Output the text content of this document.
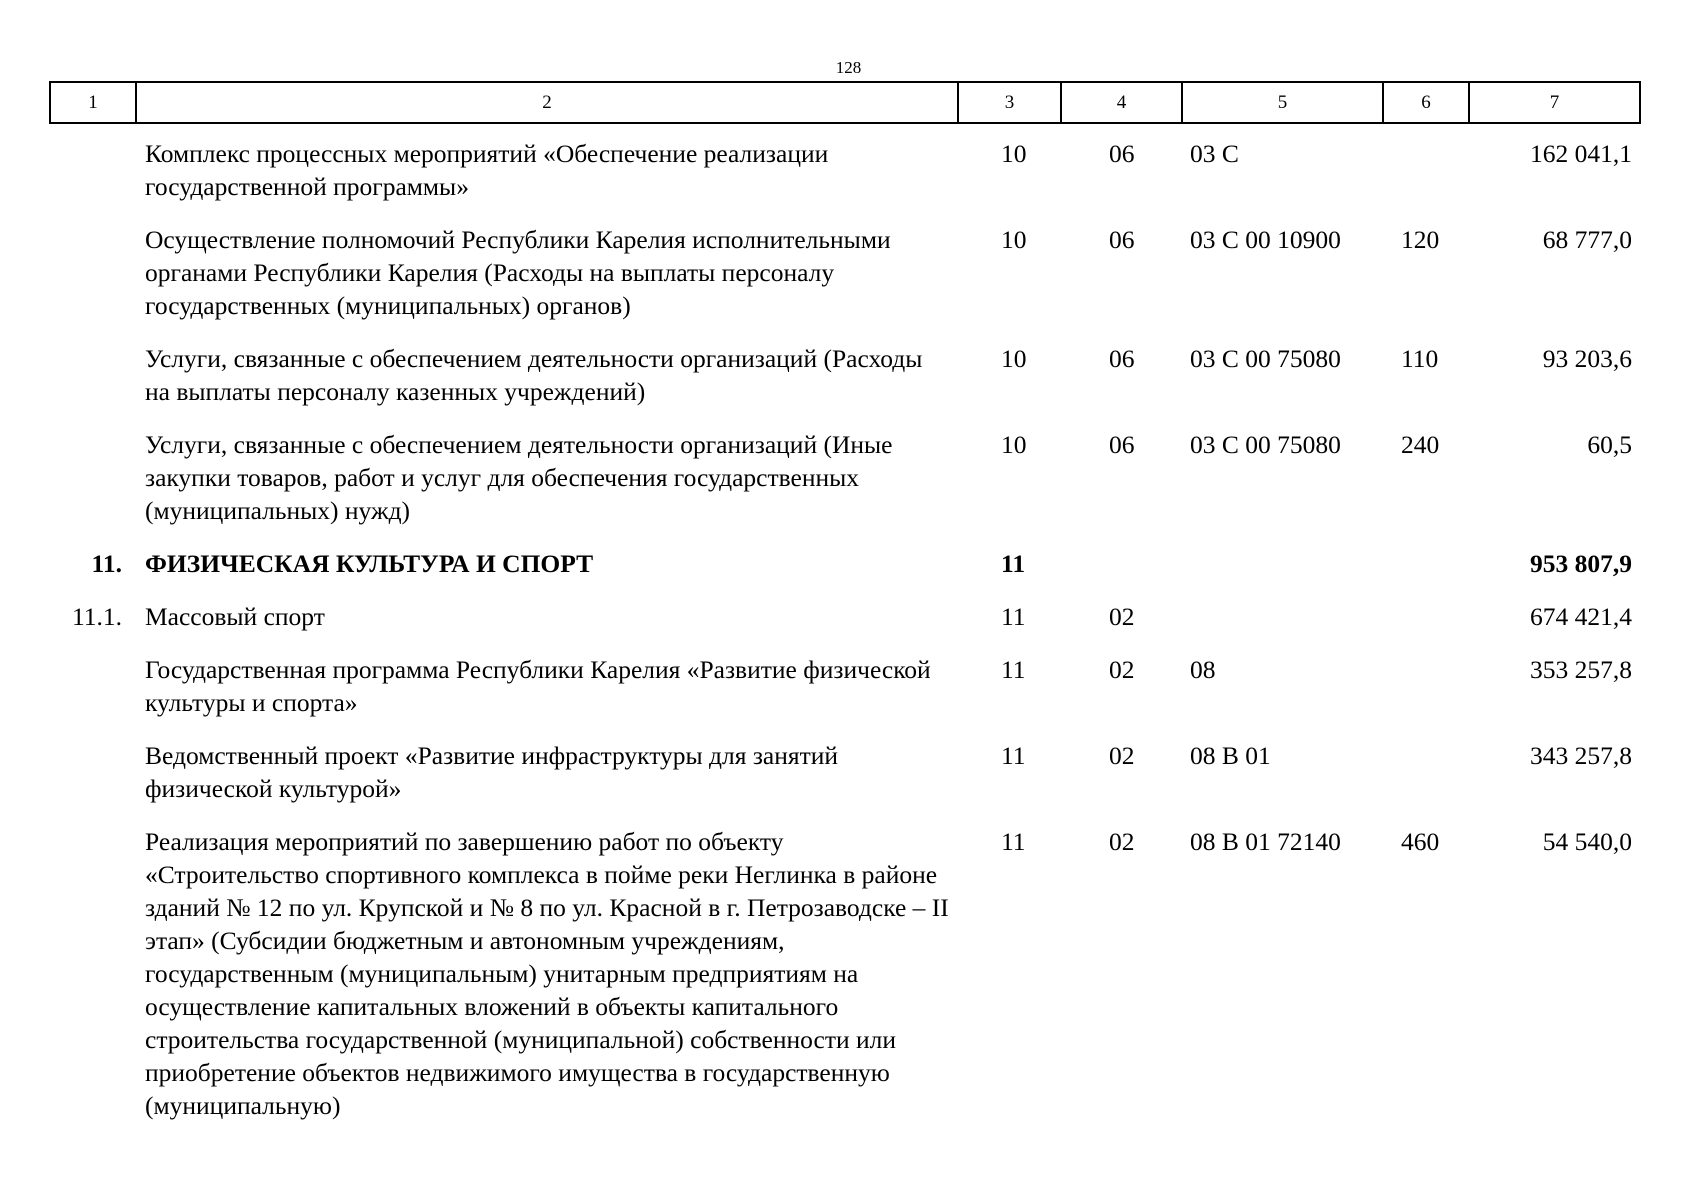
128
1	2	3	4	5	6	7
	Комплекс процессных мероприятий «Обеспечение реализации государственной программы»	10	06	03 С		162 041,1
	Осуществление полномочий Республики Карелия исполнительными органами Республики Карелия (Расходы на выплаты персоналу государственных (муниципальных) органов)	10	06	03 С 00 10900	120	68 777,0
	Услуги, связанные с обеспечением деятельности организаций (Расходы на выплаты персоналу казенных учреждений)	10	06	03 С 00 75080	110	93 203,6
	Услуги, связанные с обеспечением деятельности организаций (Иные закупки товаров, работ и услуг для обеспечения государственных (муниципальных) нужд)	10	06	03 С 00 75080	240	60,5
11.	ФИЗИЧЕСКАЯ КУЛЬТУРА И СПОРТ	11				953 807,9
11.1.	Массовый спорт	11	02			674 421,4
	Государственная программа Республики Карелия «Развитие физической культуры и спорта»	11	02	08		353 257,8
	Ведомственный проект «Развитие инфраструктуры для занятий физической культурой»	11	02	08 В 01		343 257,8
	Реализация мероприятий по завершению работ по объекту «Строительство спортивного комплекса в пойме реки Неглинка в районе зданий № 12 по ул. Крупской и № 8 по ул. Красной в г. Петрозаводске – II этап» (Субсидии бюджетным и автономным учреждениям, государственным (муниципальным) унитарным предприятиям на осуществление капитальных вложений в объекты капитального строительства государственной (муниципальной) собственности или приобретение объектов недвижимого имущества в государственную (муниципальную)	11	02	08 В 01 72140	460	54 540,0
